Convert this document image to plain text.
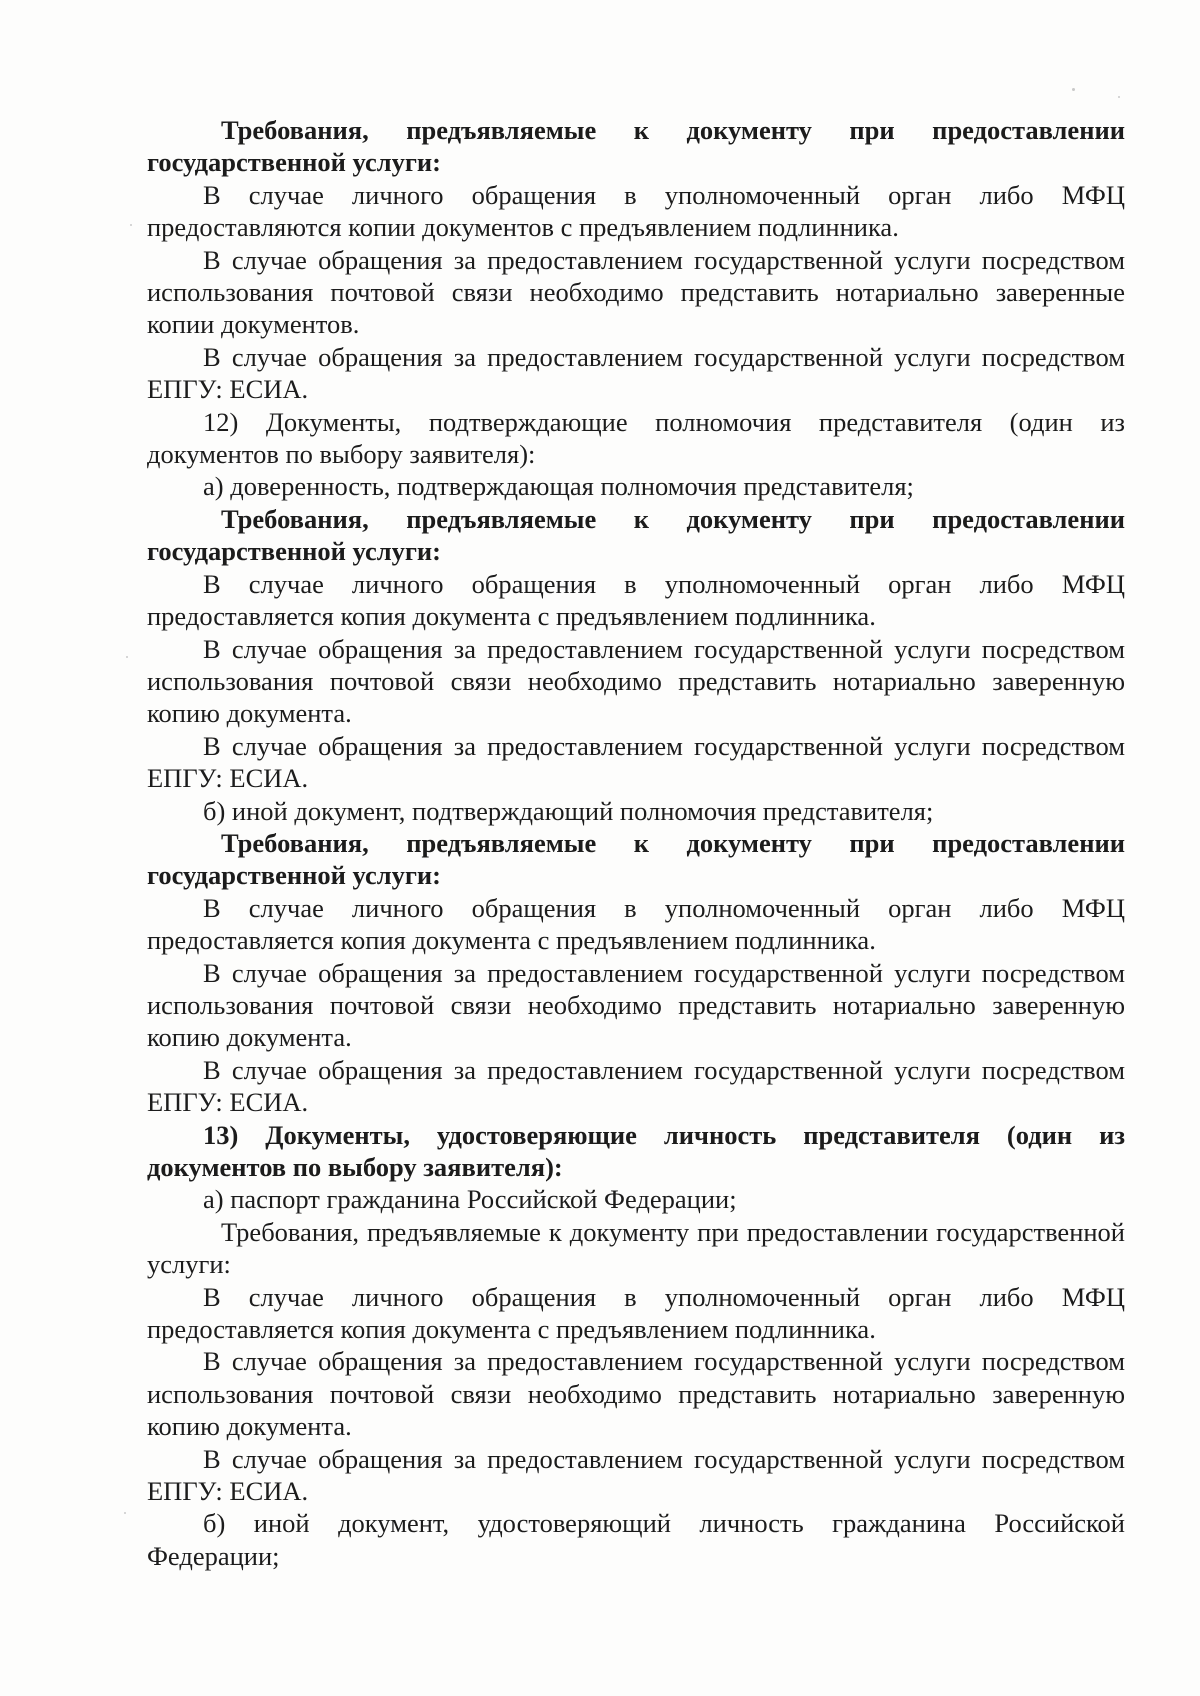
Требования, предъявляемые к документу при предоставлении государственной услуги:

В случае личного обращения в уполномоченный орган либо МФЦ предоставляются копии документов с предъявлением подлинника.

В случае обращения за предоставлением государственной услуги посредством использования почтовой связи необходимо представить нотариально заверенные копии документов.

В случае обращения за предоставлением государственной услуги посредством ЕПГУ: ЕСИА.

12) Документы, подтверждающие полномочия представителя (один из документов по выбору заявителя):

а) доверенность, подтверждающая полномочия представителя;

Требования, предъявляемые к документу при предоставлении государственной услуги:

В случае личного обращения в уполномоченный орган либо МФЦ предоставляется копия документа с предъявлением подлинника.

В случае обращения за предоставлением государственной услуги посредством использования почтовой связи необходимо представить нотариально заверенную копию документа.

В случае обращения за предоставлением государственной услуги посредством ЕПГУ: ЕСИА.

б) иной документ, подтверждающий полномочия представителя;

Требования, предъявляемые к документу при предоставлении государственной услуги:

В случае личного обращения в уполномоченный орган либо МФЦ предоставляется копия документа с предъявлением подлинника.

В случае обращения за предоставлением государственной услуги посредством использования почтовой связи необходимо представить нотариально заверенную копию документа.

В случае обращения за предоставлением государственной услуги посредством ЕПГУ: ЕСИА.

13) Документы, удостоверяющие личность представителя (один из документов по выбору заявителя):

а) паспорт гражданина Российской Федерации;

Требования, предъявляемые к документу при предоставлении государственной услуги:

В случае личного обращения в уполномоченный орган либо МФЦ предоставляется копия документа с предъявлением подлинника.

В случае обращения за предоставлением государственной услуги посредством использования почтовой связи необходимо представить нотариально заверенную копию документа.

В случае обращения за предоставлением государственной услуги посредством ЕПГУ: ЕСИА.

б) иной документ, удостоверяющий личность гражданина Российской Федерации;
